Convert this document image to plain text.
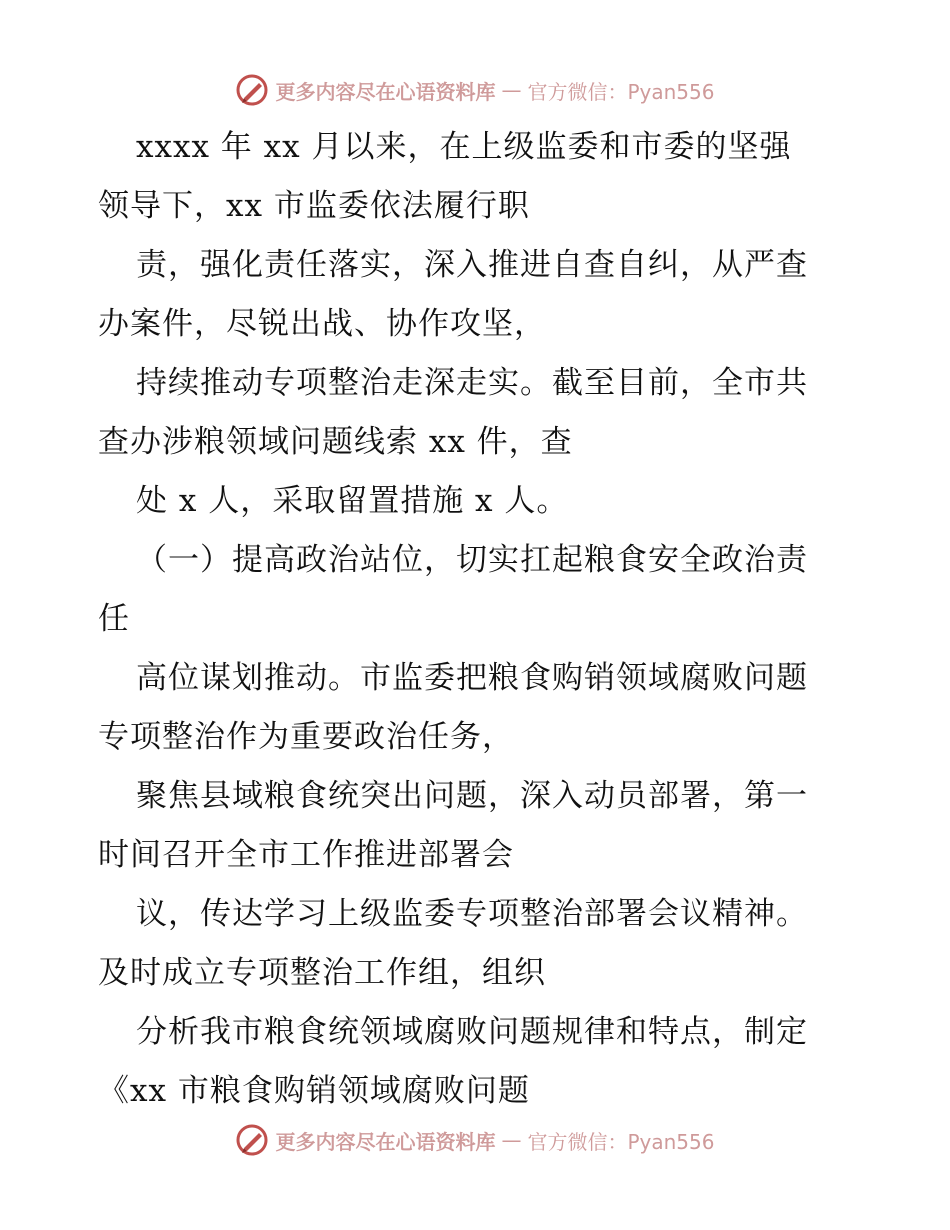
更多内容尽在心语资料库 — 官方微信：Pyan556
xxxx 年 xx 月以来，在上级监委和市委的坚强
领导下，xx 市监委依法履行职
责，强化责任落实，深入推进自查自纠，从严查
办案件，尽锐出战、协作攻坚，
持续推动专项整治走深走实。截至目前，全市共
查办涉粮领域问题线索 xx 件，查
处 x 人，采取留置措施 x 人。
（一）提高政治站位，切实扛起粮食安全政治责
任
高位谋划推动。市监委把粮食购销领域腐败问题
专项整治作为重要政治任务，
聚焦县域粮食统突出问题，深入动员部署，第一
时间召开全市工作推进部署会
议，传达学习上级监委专项整治部署会议精神。
及时成立专项整治工作组，组织
分析我市粮食统领域腐败问题规律和特点，制定
《xx 市粮食购销领域腐败问题
更多内容尽在心语资料库 — 官方微信：Pyan556
